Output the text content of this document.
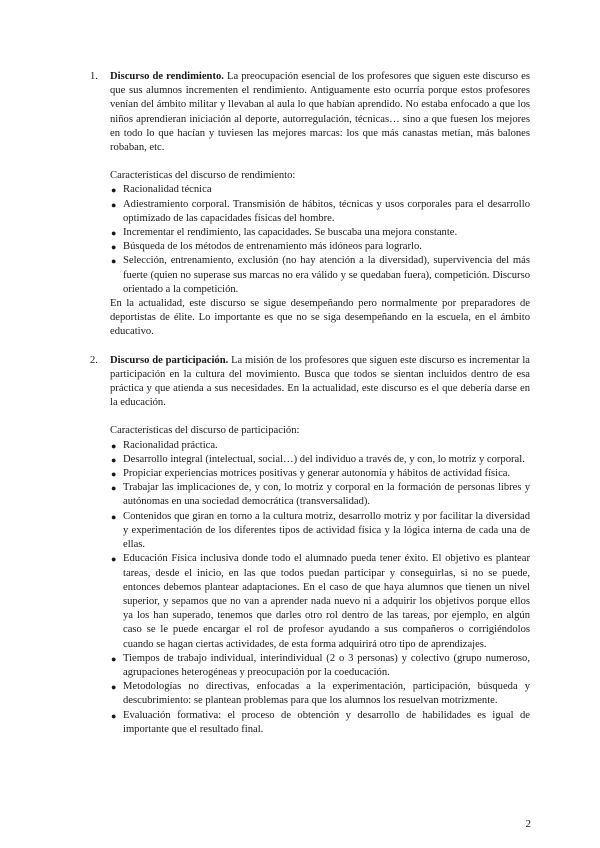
1. Discurso de rendimiento. La preocupación esencial de los profesores que siguen este discurso es que sus alumnos incrementen el rendimiento. Antiguamente esto ocurría porque estos profesores venían del ámbito militar y llevaban al aula lo que habían aprendido. No estaba enfocado a que los niños aprendieran iniciación al deporte, autorregulación, técnicas… sino a que fuesen los mejores en todo lo que hacían y tuviesen las mejores marcas: los que más canastas metían, más balones robaban, etc.

Características del discurso de rendimiento:

● Racionalidad técnica
● Adiestramiento corporal. Transmisión de hábitos, técnicas y usos corporales para el desarrollo optimizado de las capacidades físicas del hombre.
● Incrementar el rendimiento, las capacidades. Se buscaba una mejora constante.
● Búsqueda de los métodos de entrenamiento más idóneos para lograrlo.
● Selección, entrenamiento, exclusión (no hay atención a la diversidad), supervivencia del más fuerte (quien no superase sus marcas no era válido y se quedaban fuera), competición. Discurso orientado a la competición.

En la actualidad, este discurso se sigue desempeñando pero normalmente por preparadores de deportistas de élite. Lo importante es que no se siga desempeñando en la escuela, en el ámbito educativo.

2. Discurso de participación. La misión de los profesores que siguen este discurso es incrementar la participación en la cultura del movimiento. Busca que todos se sientan incluidos dentro de esa práctica y que atienda a sus necesidades. En la actualidad, este discurso es el que debería darse en la educación.

Características del discurso de participación:

● Racionalidad práctica.
● Desarrollo integral (intelectual, social…) del individuo a través de, y con, lo motriz y corporal.
● Propiciar experiencias motrices positivas y generar autonomía y hábitos de actividad física.
● Trabajar las implicaciones de, y con, lo motriz y corporal en la formación de personas libres y autónomas en una sociedad democrática (transversalidad).
● Contenidos que giran en torno a la cultura motriz, desarrollo motriz y por facilitar la diversidad y experimentación de los diferentes tipos de actividad física y la lógica interna de cada una de ellas.
● Educación Física inclusiva donde todo el alumnado pueda tener éxito. El objetivo es plantear tareas, desde el inicio, en las que todos puedan participar y conseguirlas, si no se puede, entonces debemos plantear adaptaciones. En el caso de que haya alumnos que tienen un nivel superior, y sepamos que no van a aprender nada nuevo ni a adquirir los objetivos porque ellos ya los han superado, tenemos que darles otro rol dentro de las tareas, por ejemplo, en algún caso se le puede encargar el rol de profesor ayudando a sus compañeros o corrigiéndolos cuando se hagan ciertas actividades, de esta forma adquirirá otro tipo de aprendizajes.
● Tiempos de trabajo individual, interindividual (2 o 3 personas) y colectivo (grupo numeroso, agrupaciones heterogéneas y preocupación por la coeducación.
● Metodologías no directivas, enfocadas a la experimentación, participación, búsqueda y descubrimiento: se plantean problemas para que los alumnos los resuelvan motrizmente.
● Evaluación formativa: el proceso de obtención y desarrollo de habilidades es igual de importante que el resultado final.
2
